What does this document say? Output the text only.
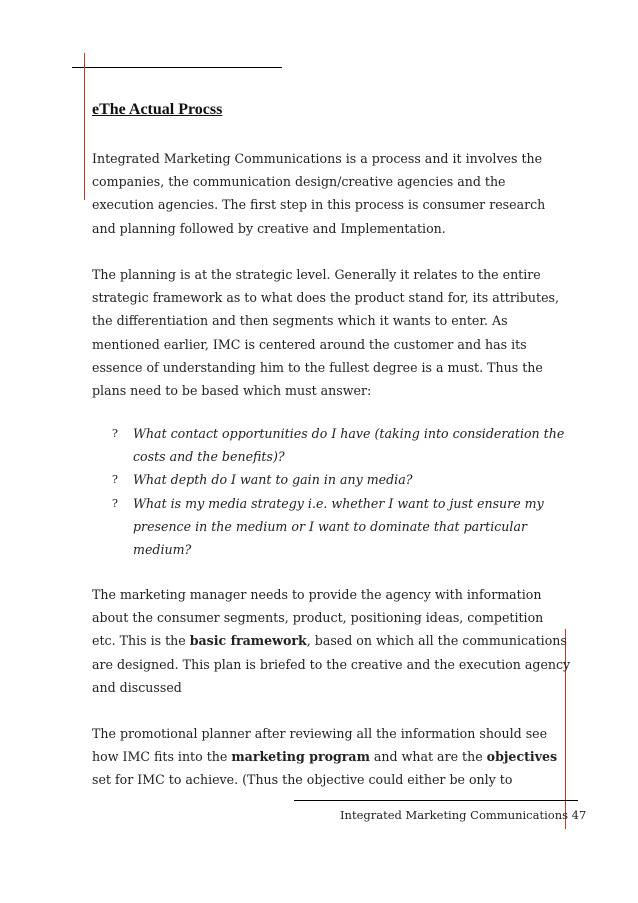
eThe Actual Procss
Integrated Marketing Communications is a process and it involves the
companies, the communication design/creative agencies and the
execution agencies. The first step in this process is consumer research
and planning followed by creative and Implementation.
The planning is at the strategic level. Generally it relates to the entire
strategic framework as to what does the product stand for, its attributes,
the differentiation and then segments which it wants to enter. As
mentioned earlier, IMC is centered around the customer and has its
essence of understanding him to the fullest degree is a must. Thus the
plans need to be based which must answer:
? What contact opportunities do I have (taking into consideration the
costs and the benefits)?
? What depth do I want to gain in any media?
? What is my media strategy i.e. whether I want to just ensure my
presence in the medium or I want to dominate that particular
medium?
The marketing manager needs to provide the agency with information
about the consumer segments, product, positioning ideas, competition
etc. This is the basic framework, based on which all the communications
are designed. This plan is briefed to the creative and the execution agency
and discussed
The promotional planner after reviewing all the information should see
how IMC fits into the marketing program and what are the objectives
set for IMC to achieve. (Thus the objective could either be only to
Integrated Marketing Communications 47
